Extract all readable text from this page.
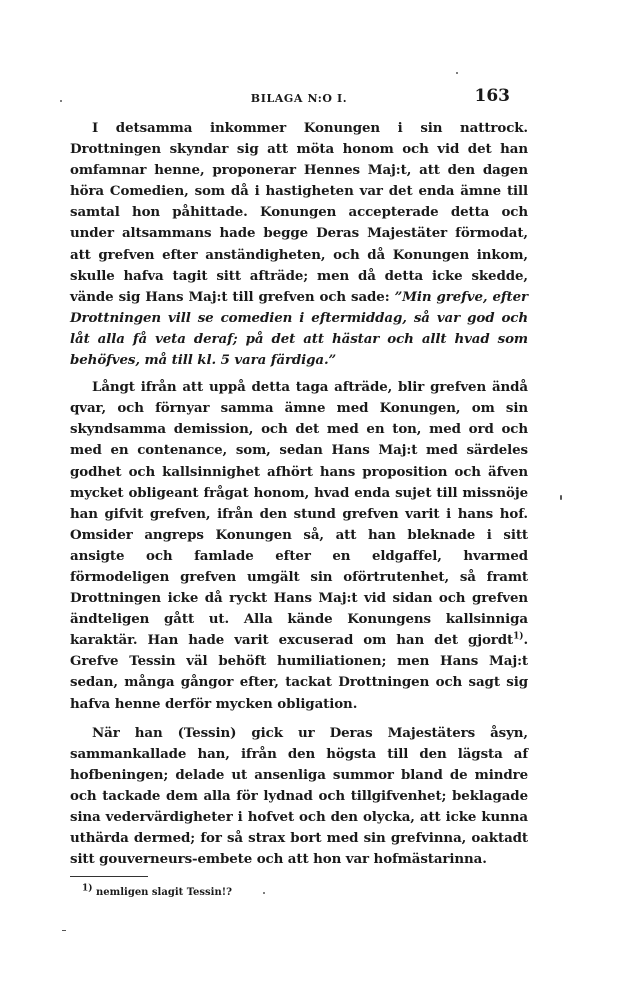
BILAGA N:O I.	163

I detsamma inkommer Konungen i sin nattrock. Drottningen skyndar sig att möta honom och vid det han omfamnar henne, proponerar Hennes Maj:t, att den dagen höra Comedien, som då i hastigheten var det enda ämne till samtal hon påhittade. Konungen accepterade detta och under altsammans hade begge Deras Majestäter förmodat, att grefven efter anständigheten, och då Konungen inkom, skulle hafva tagit sitt afträde; men då detta icke skedde, vände sig Hans Maj:t till grefven och sade: ”Min grefve, efter Drottningen vill se comedien i eftermiddag, så var god och låt alla få veta deraf; på det att hästar och allt hvad som behöfves, må till kl. 5 vara färdiga.”

Långt ifrån att uppå detta taga afträde, blir grefven ändå qvar, och förnyar samma ämne med Konungen, om sin skyndsamma demission, och det med en ton, med ord och med en contenance, som, sedan Hans Maj:t med särdeles godhet och kallsinnighet afhört hans proposition och äfven mycket obligeant frågat honom, hvad enda sujet till missnöje han gifvit grefven, ifrån den stund grefven varit i hans hof. Omsider angreps Konungen så, att han bleknade i sitt ansigte och famlade efter en eldgaffel, hvarmed förmodeligen grefven umgält sin oförtrutenhet, så framt Drottningen icke då ryckt Hans Maj:t vid sidan och grefven ändteligen gått ut. Alla kände Konungens kallsinniga karaktär. Han hade varit excuserad om han det gjordt$^{1)}$. Grefve Tessin väl behöft humiliationen; men Hans Maj:t sedan, många gångor efter, tackat Drottningen och sagt sig hafva henne derför mycken obligation.

När han (Tessin) gick ur Deras Majestäters åsyn, sammankallade han, ifrån den högsta till den lägsta af hofbeningen; delade ut ansenliga summor bland de mindre och tackade dem alla för lydnad och tillgifvenhet; beklagade sina vedervärdigheter i hofvet och den olycka, att icke kunna uthärda dermed; for så strax bort med sin grefvinna, oaktadt sitt gouverneurs-embete och att hon var hofmästarinna.

$^{1)}$ nemligen slagit Tessin!?
